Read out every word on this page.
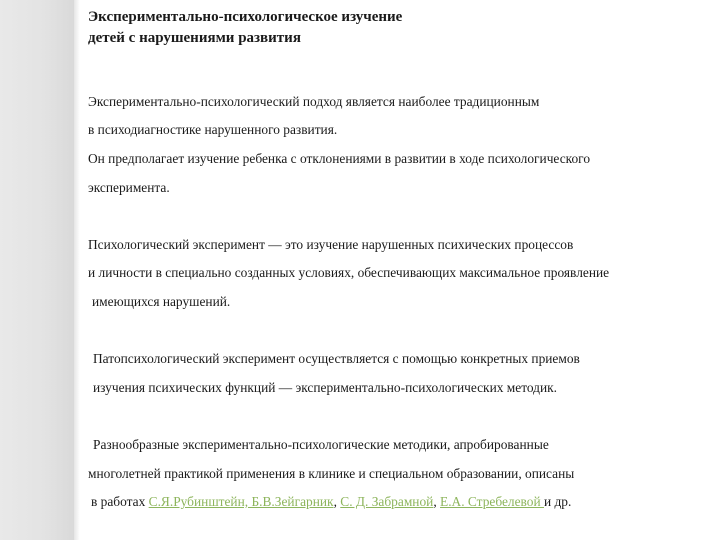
Экспериментально-психологическое изучение
детей с нарушениями развития
Экспериментально-психологический подход является наиболее традиционным
в психодиагностике нарушенного развития.
Он предполагает изучение ребенка с отклонениями в развитии в ходе психологического
эксперимента.
Психологический эксперимент — это изучение нарушенных психических процессов
и личности в специально созданных условиях, обеспечивающих максимальное проявление
имеющихся нарушений.
Патопсихологический эксперимент осуществляется с помощью конкретных приемов
изучения психических функций — экспериментально-психологических методик.
Разнообразные экспериментально-психологические методики, апробированные
многолетней практикой применения в клинике и специальном образовании, описаны
в работах С.Я.Рубинштейн, Б.В.Зейгарник, С. Д. Забрамной, Е.А. Стребелевой и др.
